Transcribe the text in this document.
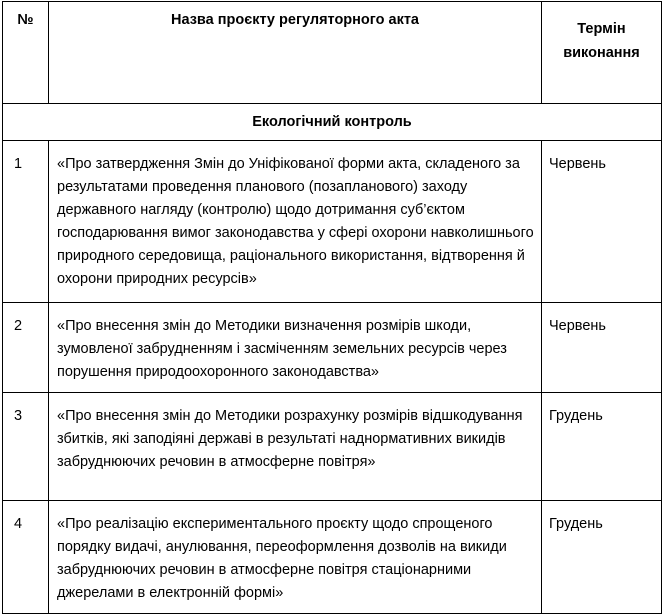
№	Назва проєкту регуляторного акта	Термін
виконання

Екологічний контроль		
1	«Про затвердження Змін до Уніфікованої форми акта, складеного за результатами проведення планового (позапланового) заходу державного нагляду (контролю) щодо дотримання суб’єктом господарювання вимог законодавства у сфері охорони навколишнього природного середовища, раціонального використання, відтворення й охорони природних ресурсів»	Червень
2	«Про внесення змін до Методики визначення розмірів шкоди, зумовленої забрудненням і засміченням земельних ресурсів через порушення природоохоронного законодавства»	Червень
3	«Про внесення змін до Методики розрахунку розмірів відшкодування збитків, які заподіяні державі в результаті наднормативних викидів забруднюючих речовин в атмосферне повітря»	Грудень
4	«Про реалізацію експериментального проєкту щодо спрощеного порядку видачі, анулювання, переоформлення дозволів на викиди забруднюючих речовин в атмосферне повітря стаціонарними джерелами в електронній формі»	Грудень
